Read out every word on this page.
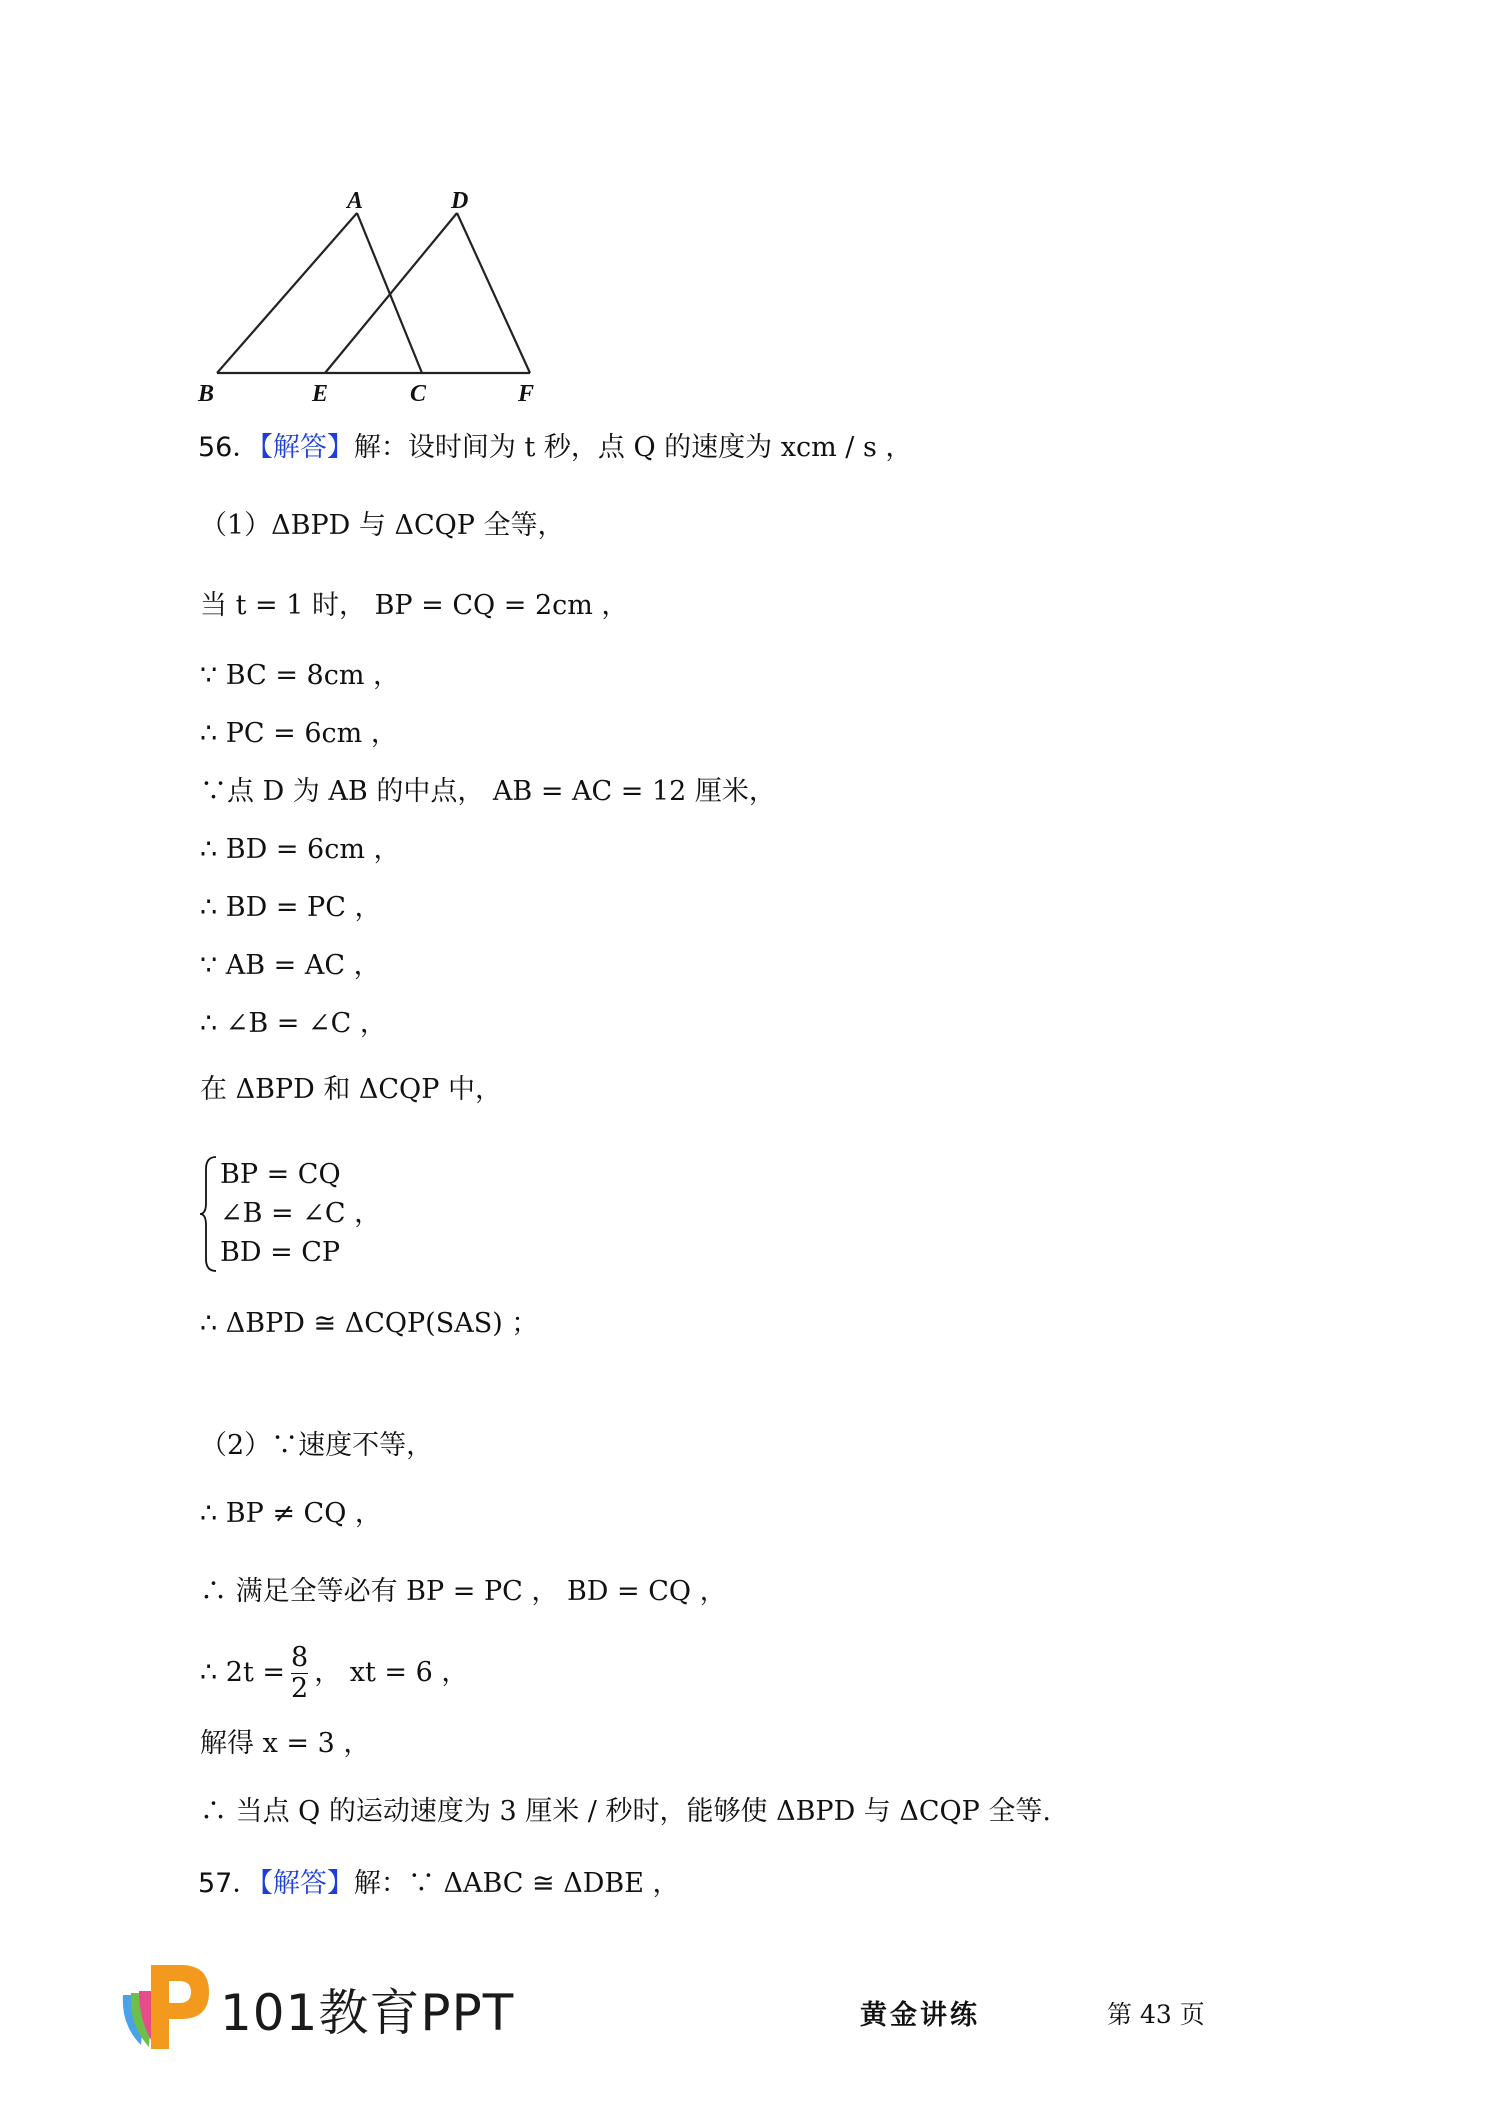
A	D
B	E	C	F
56．【解答】解：设时间为 t 秒，点 Q 的速度为 xcm / s ，
（1）ΔBPD 与 ΔCQP 全等，
当 t = 1 时， BP = CQ = 2cm ，
∵ BC = 8cm ，
∴ PC = 6cm ，
∵点 D 为 AB 的中点， AB = AC = 12 厘米，
∴ BD = 6cm ，
∴ BD = PC ，
∵ AB = AC ，
∴ ∠B = ∠C ，
在 ΔBPD 和 ΔCQP 中，
BP = CQ
∠B = ∠C ，
BD = CP
∴ ΔBPD ≅ ΔCQP(SAS) ；
（2）∵速度不等，
∴ BP ≠ CQ ，
∴ 满足全等必有 BP = PC ， BD = CQ ，
∴ $2t = \frac{8}{2}$ ， xt = 6 ，
解得 x = 3 ，
∴ 当点 Q 的运动速度为 3 厘米 / 秒时，能够使 ΔBPD 与 ΔCQP 全等.
57．【解答】解：∵ ΔABC ≅ ΔDBE ，
101教育PPT	黄金讲练	第 43 页
